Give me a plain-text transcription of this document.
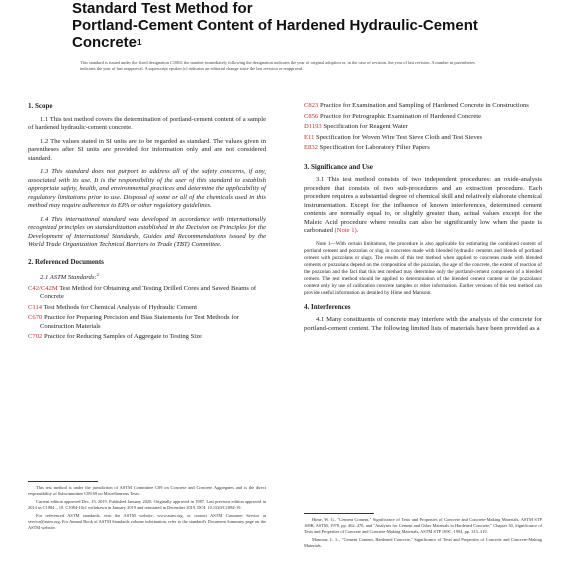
Standard Test Method for
Portland-Cement Content of Hardened Hydraulic-Cement
Concrete$^1$
This standard is issued under the fixed designation C1084; the number immediately following the designation indicates the year of original adoption or, in the case of revision, the year of last revision. A number in parentheses indicates the year of last reapproval. A superscript epsilon (ε) indicates an editorial change since the last revision or reapproval.
1. Scope

1.1 This test method covers the determination of portland-cement content of a sample of hardened hydraulic-cement concrete.

1.2 The values stated in SI units are to be regarded as standard. The values given in parentheses after SI units are provided for information only and are not considered standard.

1.3 This standard does not purport to address all of the safety concerns, if any, associated with its use. It is the responsibility of the user of this standard to establish appropriate safety, health, and environmental practices and determine the applicability of regulatory limitations prior to use. Disposal of some or all of the chemicals used in this method may require adherence to EPA or other regulatory guidelines.

1.4 This international standard was developed in accordance with internationally recognized principles on standardization established in the Decision on Principles for the Development of International Standards, Guides and Recommendations issued by the World Trade Organization Technical Barriers to Trade (TBT) Committee.

2. Referenced Documents
2.1 ASTM Standards:$^2$
C42/C42M Test Method for Obtaining and Testing Drilled Cores and Sawed Beams of Concrete
C114 Test Methods for Chemical Analysis of Hydraulic Cement
C670 Practice for Preparing Precision and Bias Statements for Test Methods for Construction Materials
C702 Practice for Reducing Samples of Aggregate to Testing Size
C823 Practice for Examination and Sampling of Hardened Concrete in Constructions
C856 Practice for Petrographic Examination of Hardened Concrete
D1193 Specification for Reagent Water
E11 Specification for Woven Wire Test Sieve Cloth and Test Sieves
E832 Specification for Laboratory Filter Papers
3. Significance and Use

3.1 This test method consists of two independent procedures: an oxide-analysis procedure that consists of two sub-procedures and an extraction procedure. Each procedure requires a substantial degree of chemical skill and relatively elaborate chemical instrumentation. Except for the influence of known interferences, determined cement contents are normally equal to, or slightly greater than, actual values except for the Maleic Acid procedure where results can also be significantly low when the paste is carbonated (Note 1).

Note 1—With certain limitations, the procedure is also applicable for estimating the combined content of portland cement and pozzolan or slag in concretes made with blended hydraulic cements and blends of portland cement with pozzolans or slags. The results of this test method when applied to concretes made with blended cements or pozzolans depend on the composition of the pozzolan, the age of the concrete, the extent of reaction of the pozzolan and the fact that this test method may determine only the portland-cement component of a blended cement. The test method should be applied to determination of the blended cement content or the pozzolanic content only by use of calibration concrete samples or other information. Earlier versions of this test method can provide useful information as detailed by Hime and Mansour.
4. Interferences

4.1 Many constituents of concrete may interfere with the analysis of the concrete for portland-cement content. The following limited lists of materials have been provided as a

This test method is under the jurisdiction of ASTM Committee C09 on Concrete and Concrete Aggregates and is the direct responsibility of Subcommittee C09.69 on Miscellaneous Tests.
Current edition approved Dec. 15, 2019. Published January 2020. Originally approved in 1987. Last previous edition approved in 2014 as C1084 – 10. C1084-10ε1 withdrawn in January 2019 and reinstated in December 2019. DOI: 10.1520/C1084-19.
For referenced ASTM standards, visit the ASTM website, www.astm.org, or contact ASTM Customer Service at service@astm.org. For Annual Book of ASTM Standards volume information, refer to the standard's Document Summary page on the ASTM website.
Hime, W. G., "Cement Content," Significance of Tests and Properties of Concrete and Concrete-Making Materials, ASTM STP 169B, ASTM, 1978, pp. 462–470, and "Analyses for Cement and Other Materials in Hardened Concrete," Chapter 30, Significance of Tests and Properties of Concrete and Concrete-Making Materials, ASTM STP 169C, 1994, pp. 315–319.
Mansour, L. L., "Cement Content, Hardened Concrete," Significance of Tests and Properties of Concrete and Concrete-Making Materials.
